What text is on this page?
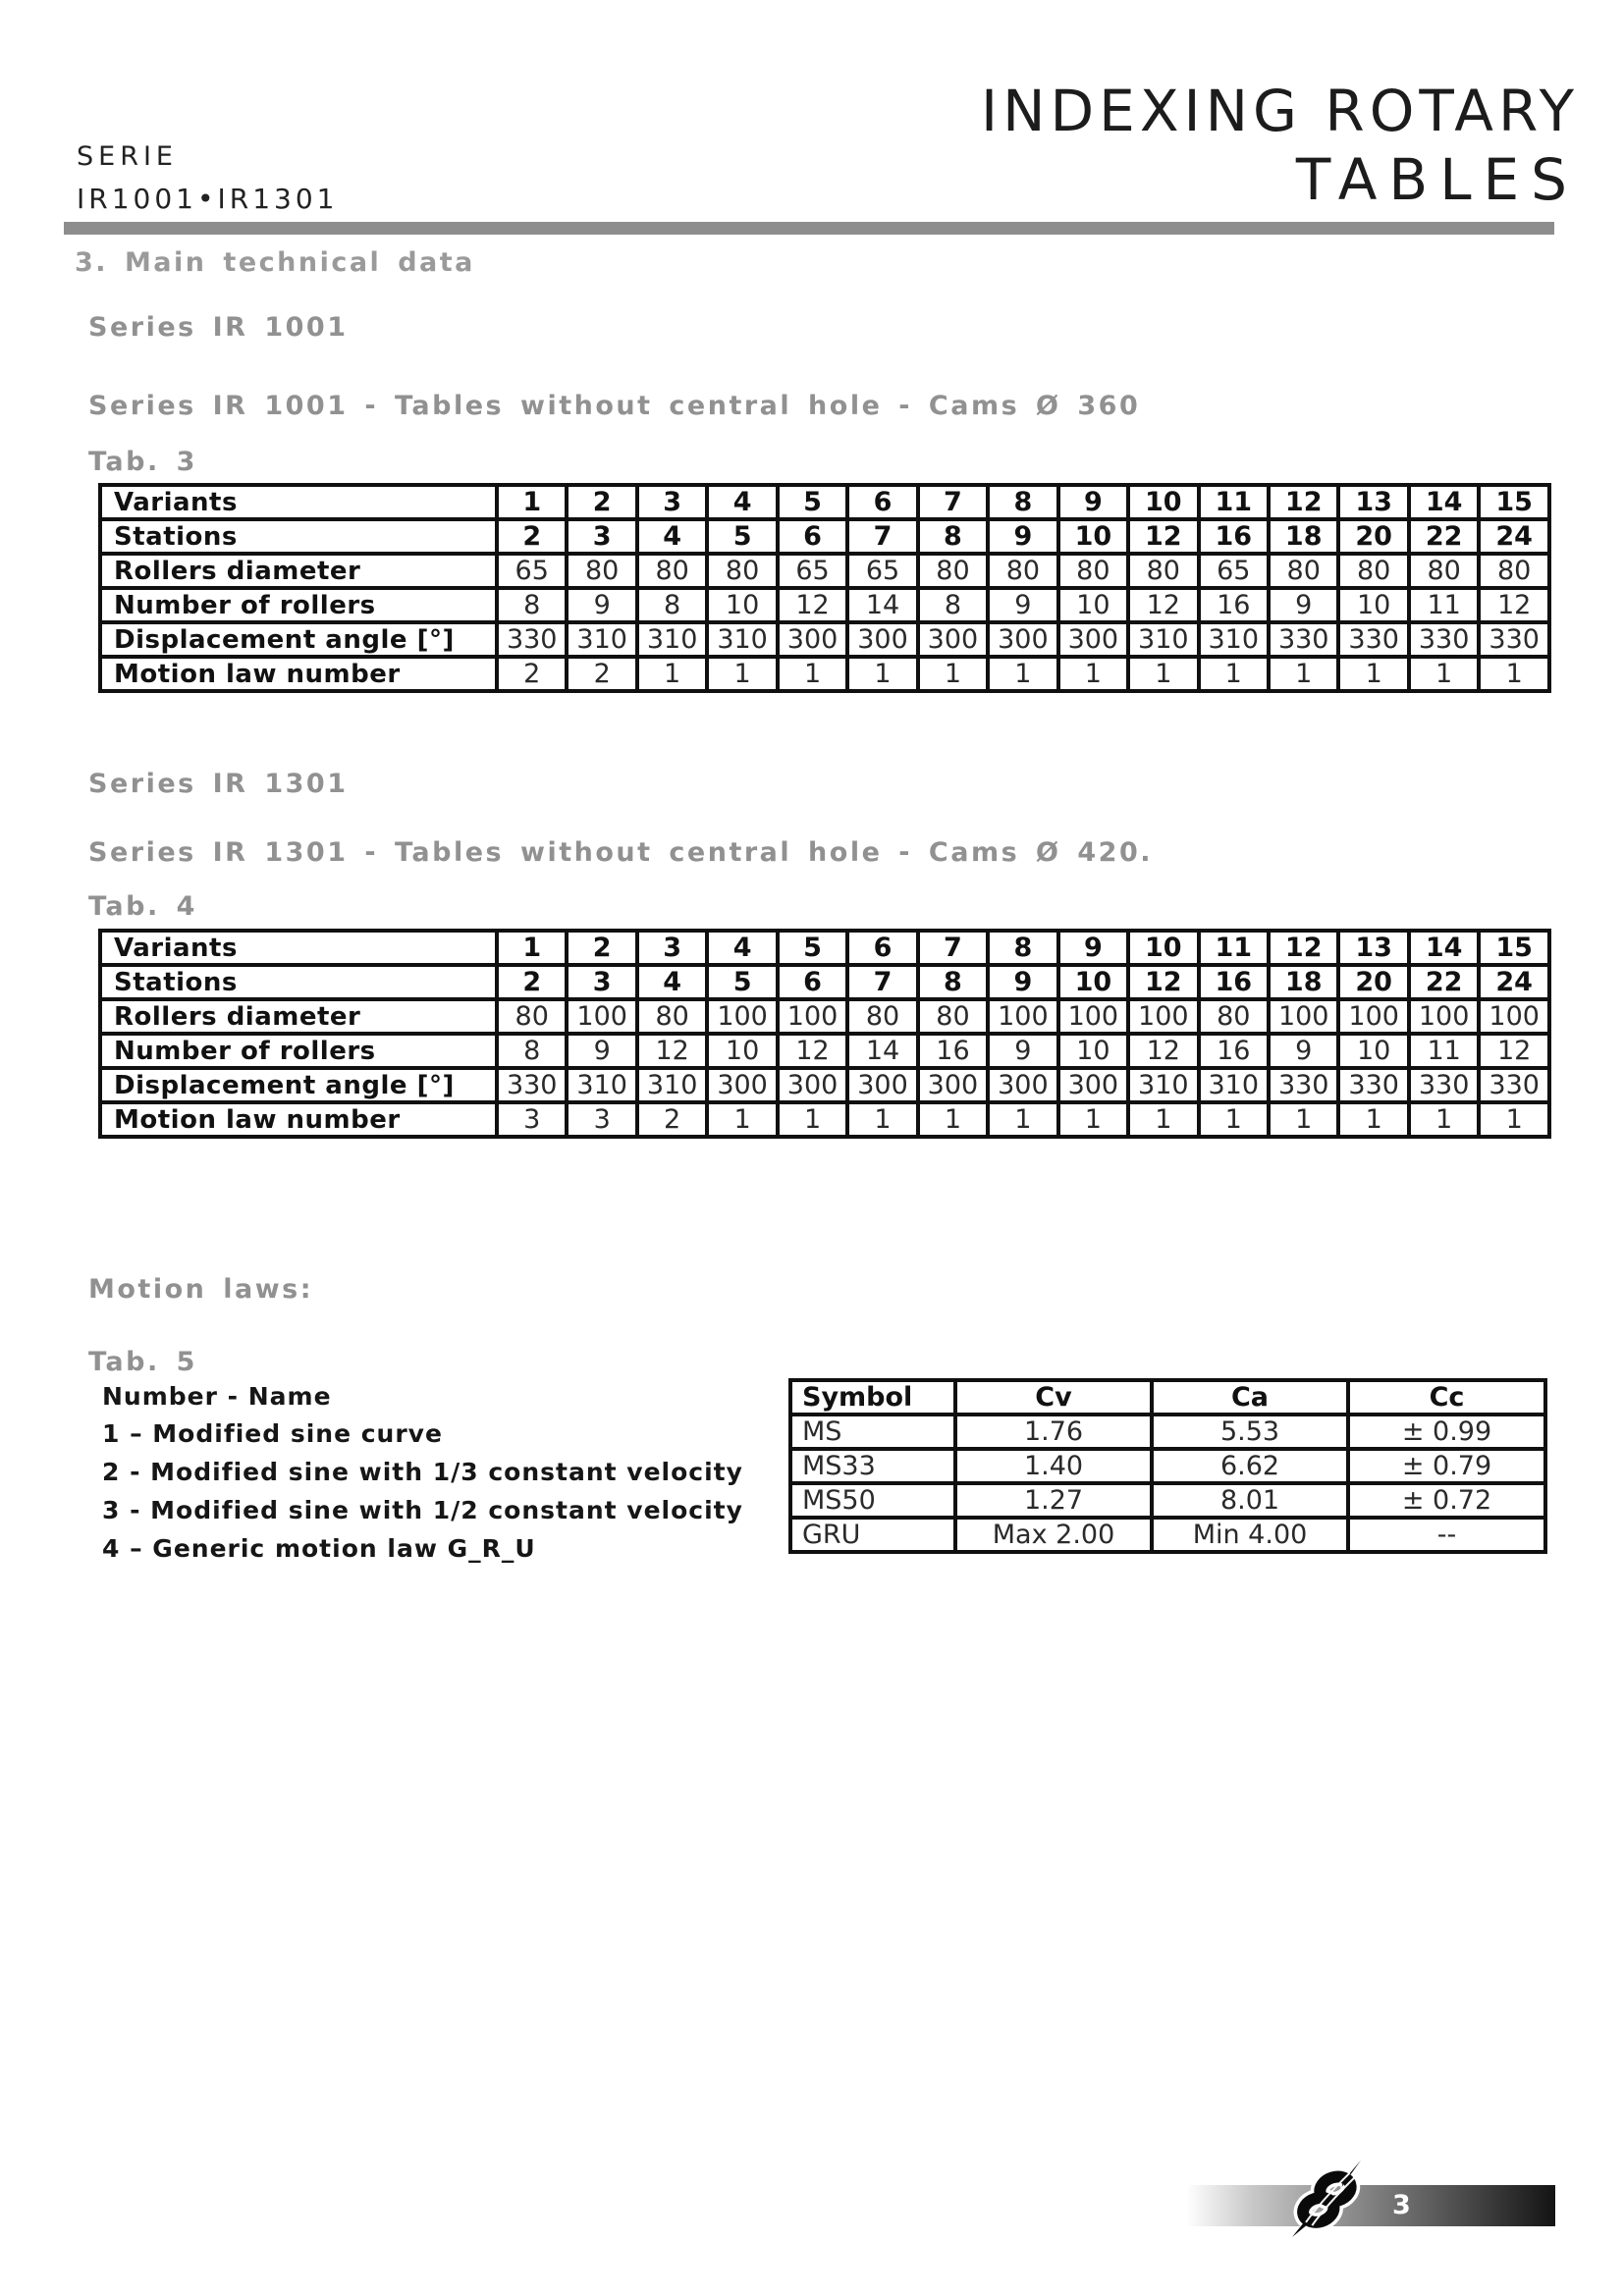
INDEXING ROTARY
TABLES
SERIE
IR1001•IR1301
3. Main technical data
Series IR 1001
Series IR 1001 - Tables without central hole - Cams Ø 360
Tab. 3
Variants	1	2	3	4	5	6	7	8	9	10	11	12	13	14	15
Stations	2	3	4	5	6	7	8	9	10	12	16	18	20	22	24
Rollers diameter	65	80	80	80	65	65	80	80	80	80	65	80	80	80	80
Number of rollers	8	9	8	10	12	14	8	9	10	12	16	9	10	11	12
Displacement angle [°]	330	310	310	310	300	300	300	300	300	310	310	330	330	330	330
Motion law number	2	2	1	1	1	1	1	1	1	1	1	1	1	1	1
Series IR 1301
Series IR 1301 - Tables without central hole - Cams Ø 420.
Tab. 4
Variants	1	2	3	4	5	6	7	8	9	10	11	12	13	14	15
Stations	2	3	4	5	6	7	8	9	10	12	16	18	20	22	24
Rollers diameter	80	100	80	100	100	80	80	100	100	100	80	100	100	100	100
Number of rollers	8	9	12	10	12	14	16	9	10	12	16	9	10	11	12
Displacement angle [°]	330	310	310	300	300	300	300	300	300	310	310	330	330	330	330
Motion law number	3	3	2	1	1	1	1	1	1	1	1	1	1	1	1
Motion laws:
Tab. 5
Number - Name
1 – Modified sine curve
2 - Modified sine with 1/3 constant velocity
3 - Modified sine with 1/2 constant velocity
4 – Generic motion law G_R_U
Symbol	Cv	Ca	Cc
MS	1.76	5.53	± 0.99
MS33	1.40	6.62	± 0.79
MS50	1.27	8.01	± 0.72
GRU	Max 2.00	Min 4.00	--
3
